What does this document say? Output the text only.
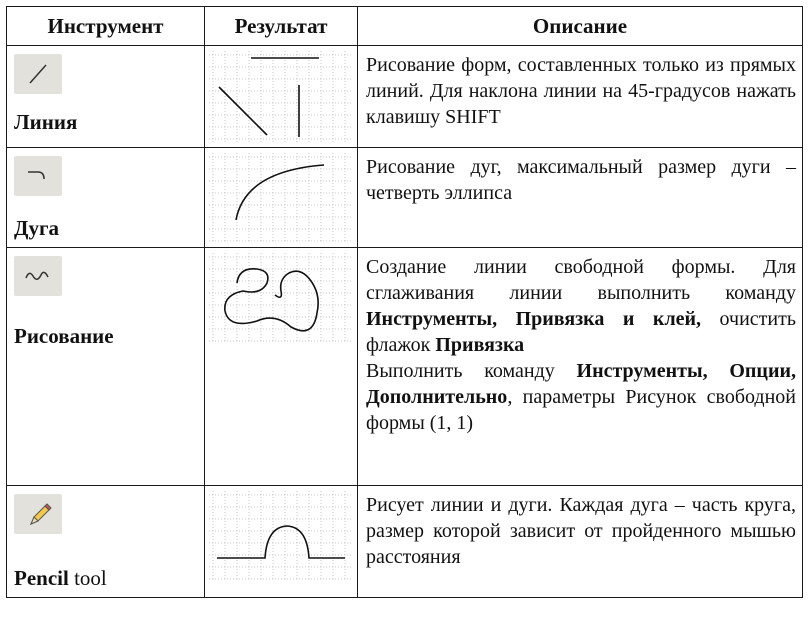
Инструмент	Результат	Описание

Линия		Рисование форм, составленных только из прямых линий. Для наклона линии на 45-градусов нажать клавишу SHIFT

Дуга		Рисование дуг, максимальный размер дуги – четверть эллипса

Рисование		Создание линии свободной формы. Для сглаживания линии выполнить команду Инструменты, Привязка и клей, очистить флажок Привязка
Выполнить команду Инструменты, Опции, Дополнительно, параметры Рисунок свободной формы (1, 1)

Pencil tool		Рисует линии и дуги. Каждая дуга – часть круга, размер которой зависит от пройденного мышью расстояния
